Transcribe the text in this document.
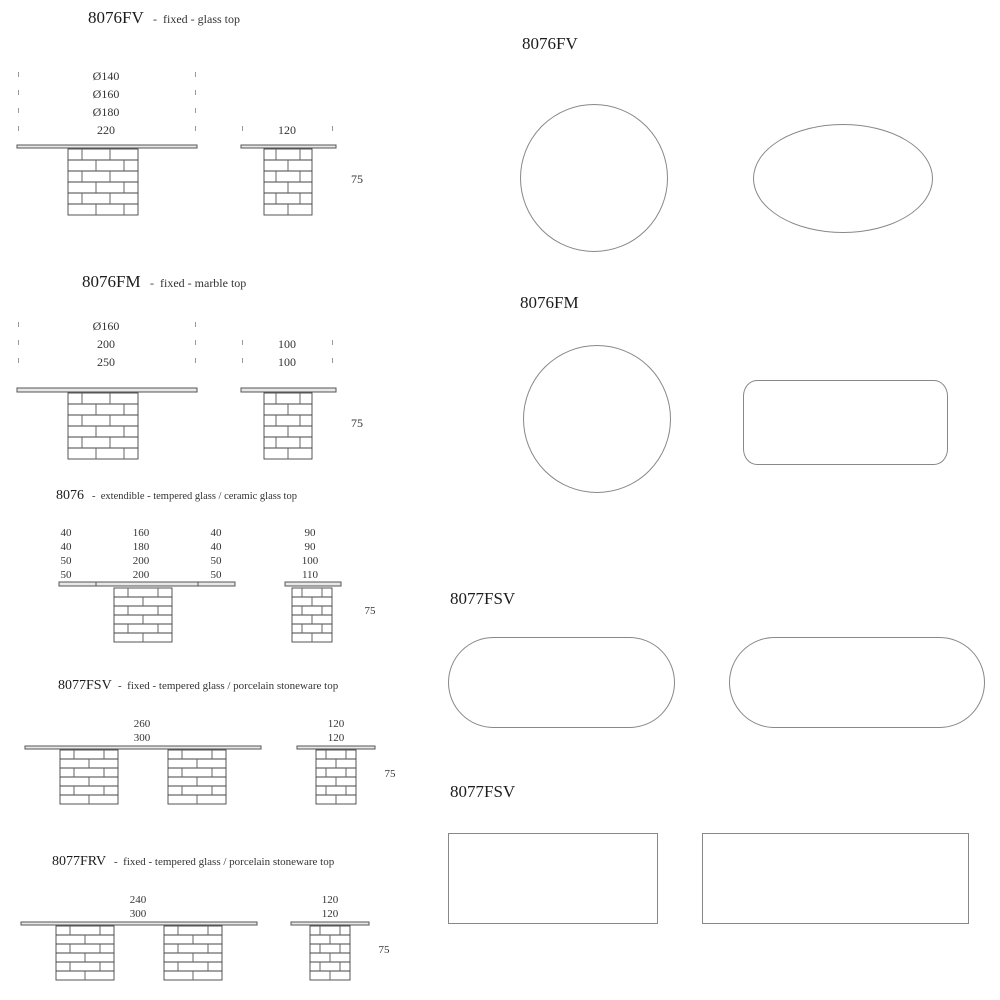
8076FV -  fixed - glass top
Ø140
Ø160
Ø180
220	120
75
8076FM -  fixed - marble top
Ø160
200
250
100
100
75
8076 -  extendible - tempered glass / ceramic glass top
40
40
50
50
160
180
200
200
40
40
50
50
90
90
100
110
75
8077FSV -  fixed - tempered glass / porcelain stoneware top
260
300
120
120
75
8077FRV -  fixed - tempered glass / porcelain stoneware top
240
300
120
120
75
8076FV
8076FM
8077FSV
8077FSV
